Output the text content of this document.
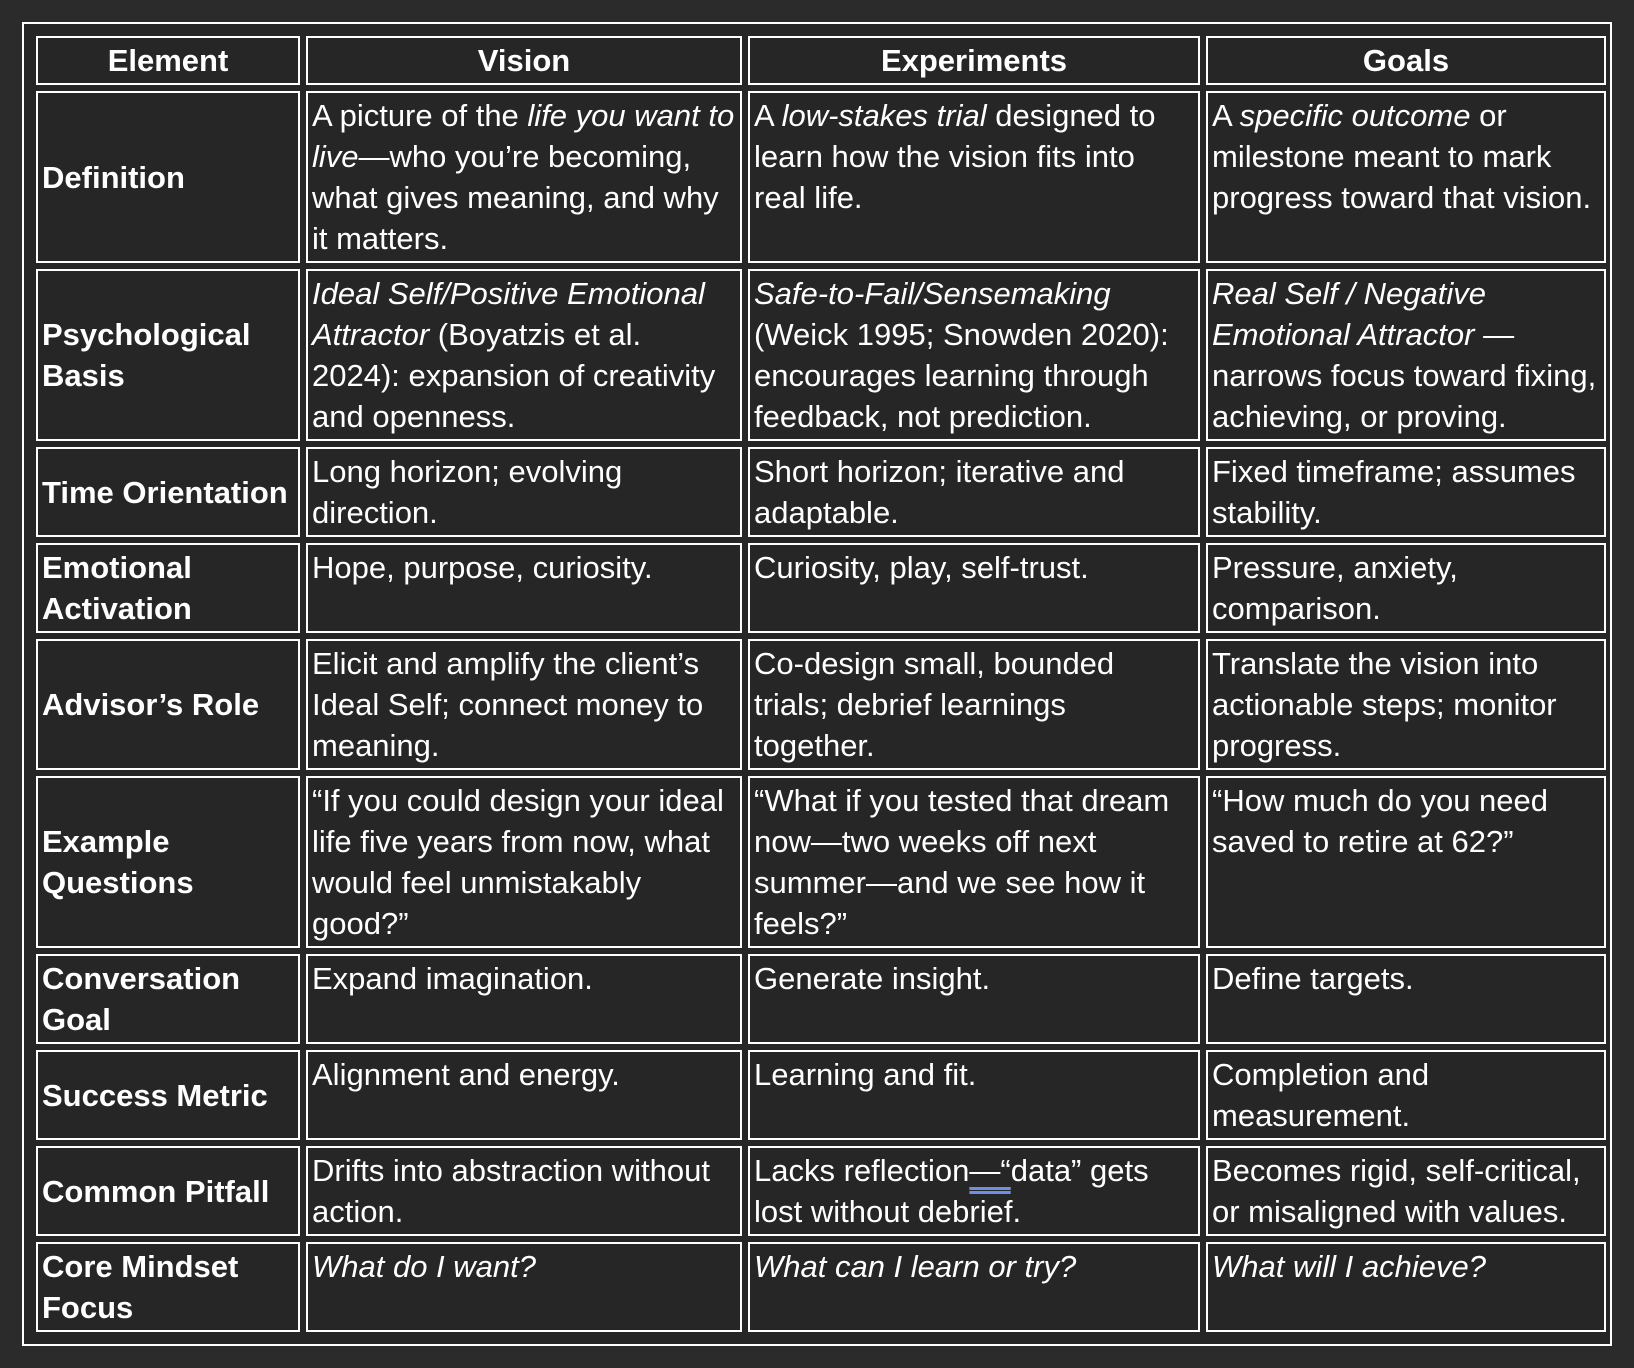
Element	Vision	Experiments	Goals
Definition	A picture of the life you want to live—who you’re becoming, what gives meaning, and why it matters.	A low-stakes trial designed to learn how the vision fits into real life.	A specific outcome or milestone meant to mark progress toward that vision.
Psychological Basis	Ideal Self/Positive Emotional Attractor (Boyatzis et al. 2024): expansion of creativity and openness.	Safe-to-Fail/Sensemaking (Weick 1995; Snowden 2020): encourages learning through feedback, not prediction.	Real Self / Negative Emotional Attractor — narrows focus toward fixing, achieving, or proving.
Time Orientation	Long horizon; evolving direction.	Short horizon; iterative and adaptable.	Fixed timeframe; assumes stability.
Emotional Activation	Hope, purpose, curiosity.	Curiosity, play, self-trust.	Pressure, anxiety, comparison.
Advisor’s Role	Elicit and amplify the client’s Ideal Self; connect money to meaning.	Co-design small, bounded trials; debrief learnings together.	Translate the vision into actionable steps; monitor progress.
Example Questions	“If you could design your ideal life five years from now, what would feel unmistakably good?”	“What if you tested that dream now—two weeks off next summer—and we see how it feels?”	“How much do you need saved to retire at 62?”
Conversation Goal	Expand imagination.	Generate insight.	Define targets.
Success Metric	Alignment and energy.	Learning and fit.	Completion and measurement.
Common Pitfall	Drifts into abstraction without action.	Lacks reflection—“data” gets lost without debrief.	Becomes rigid, self-critical, or misaligned with values.
Core Mindset Focus	What do I want?	What can I learn or try?	What will I achieve?
